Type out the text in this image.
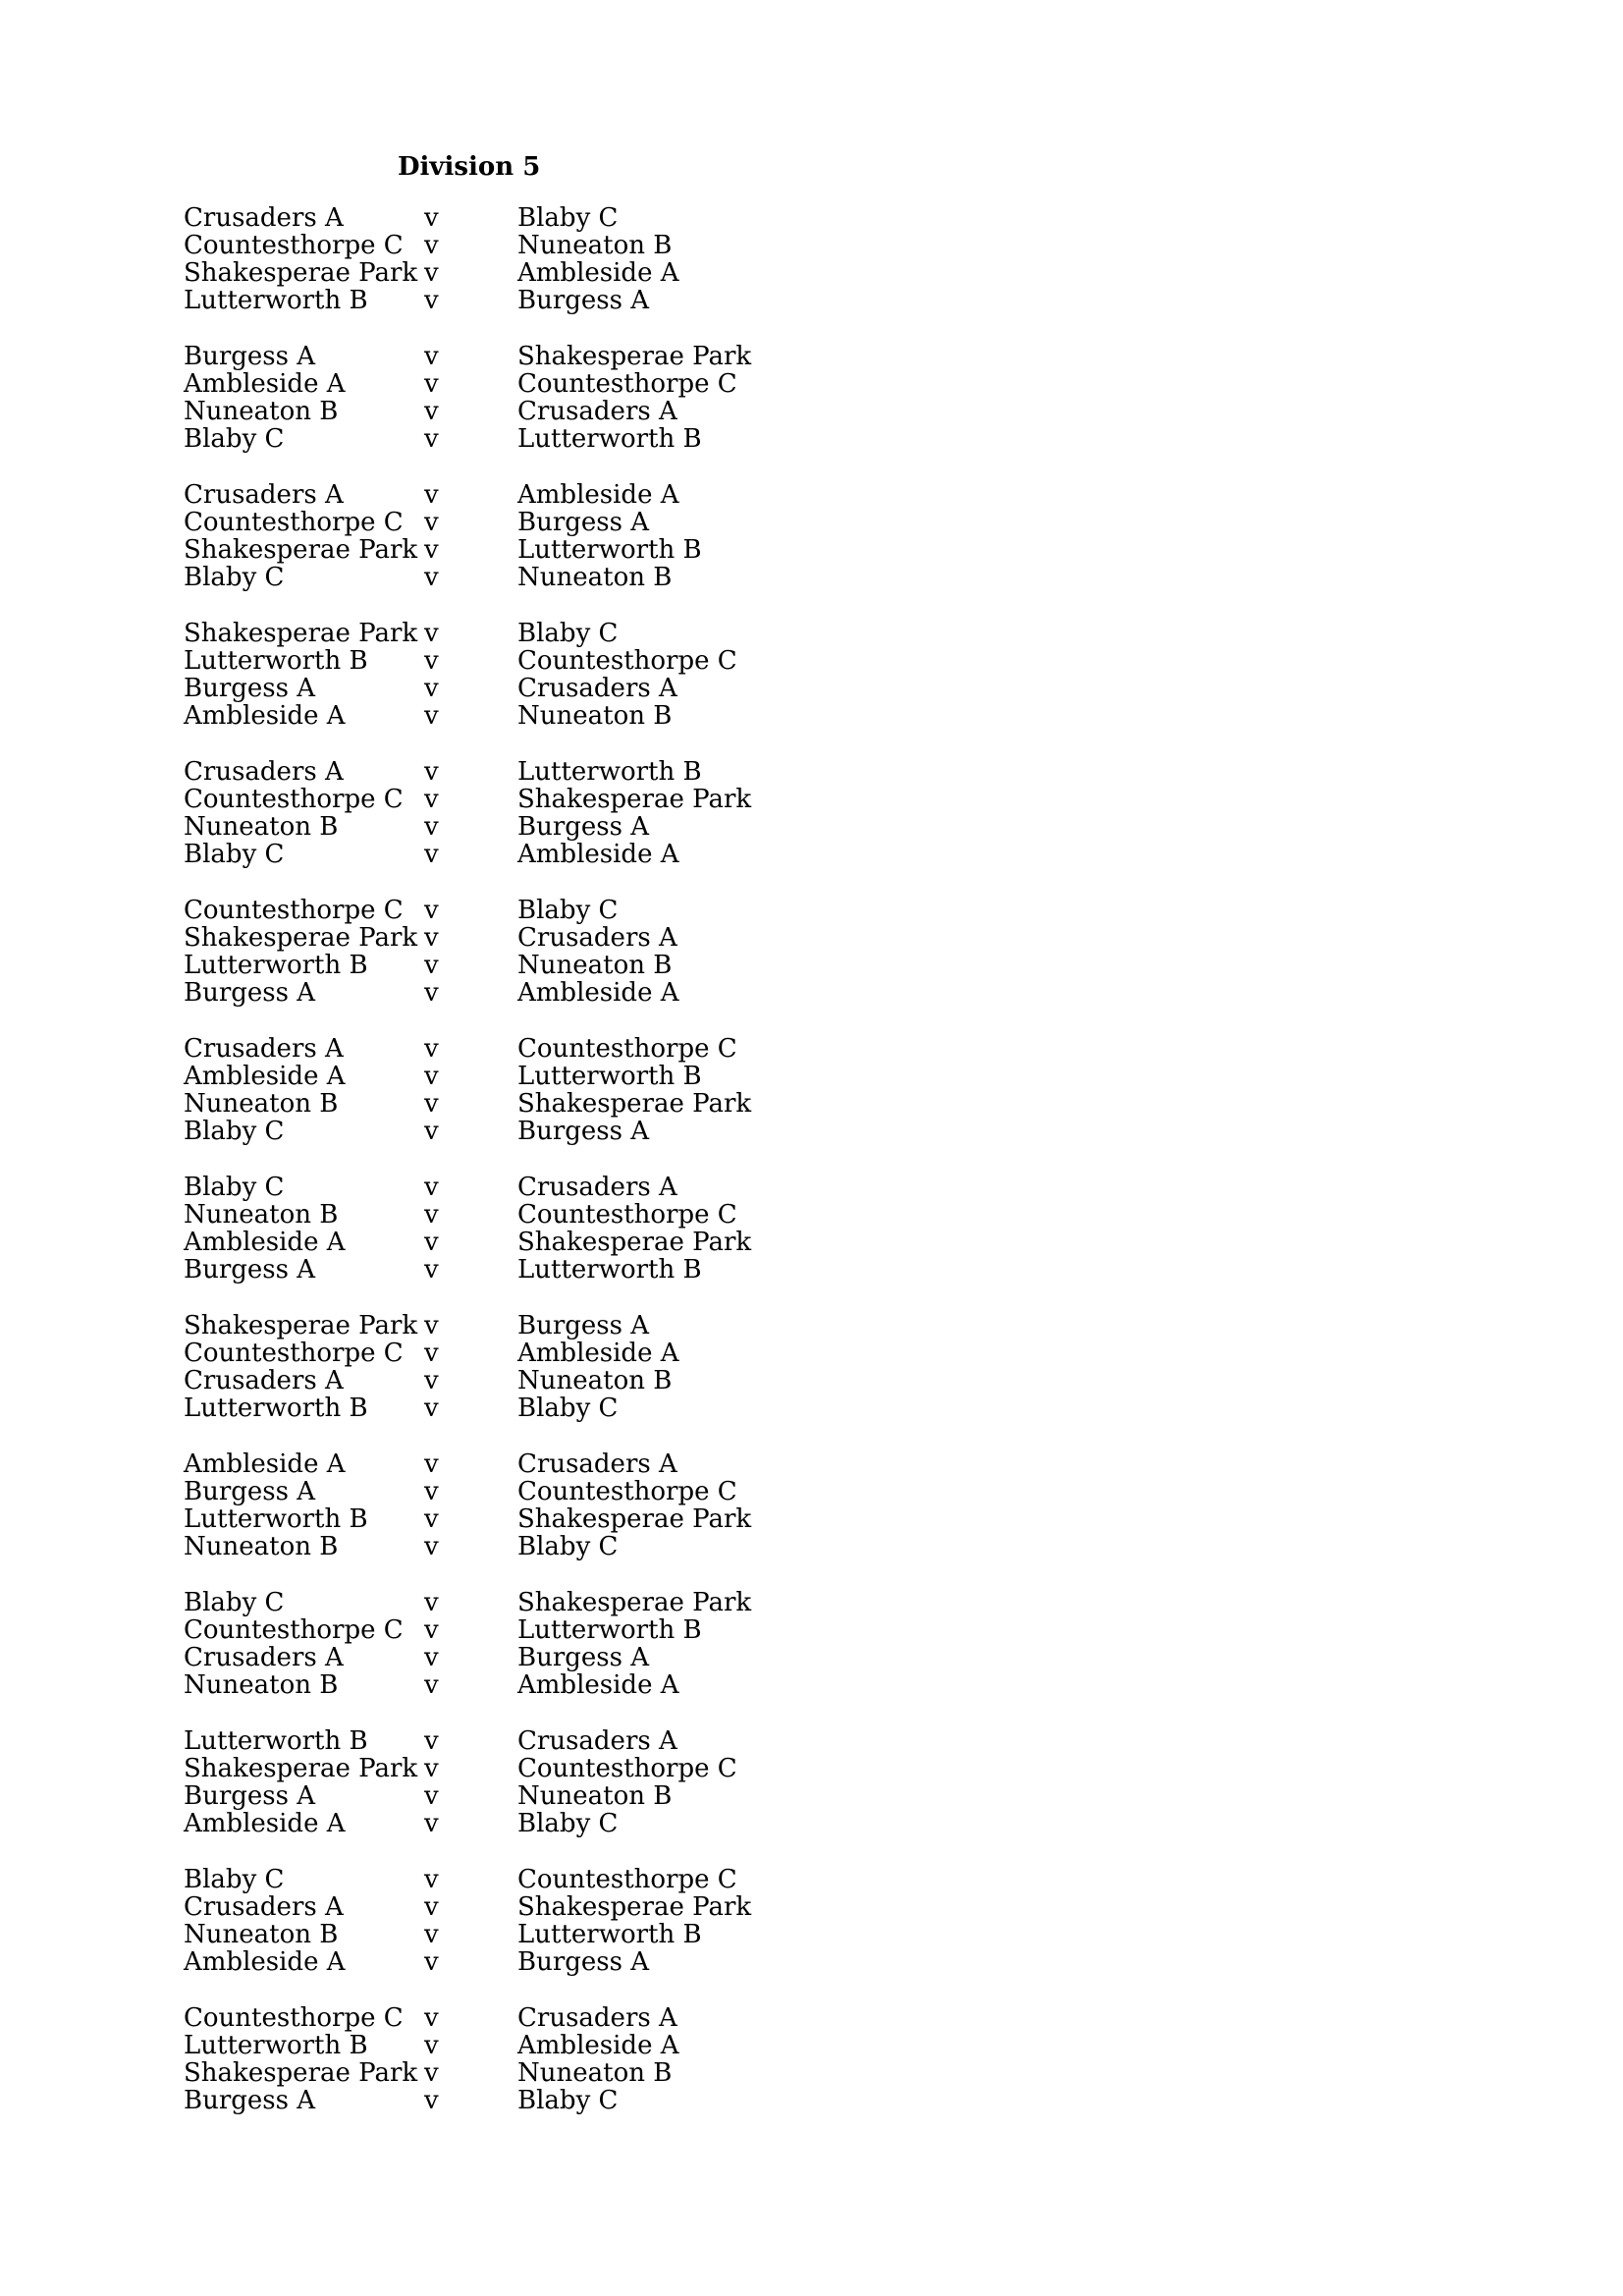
Division 5
Crusaders A	v	Blaby C
Countesthorpe C v	Nuneaton B
Shakesperae Park v	Ambleside A
Lutterworth B v	Burgess A
Burgess A	v	Shakesperae Park
Ambleside A	v	Countesthorpe C
Nuneaton B	v	Crusaders A
Blaby C	v	Lutterworth B
Crusaders A	v	Ambleside A
Countesthorpe C v	Burgess A
Shakesperae Park v	Lutterworth B
Blaby C	v	Nuneaton B
Shakesperae Park v	Blaby C
Lutterworth B v	Countesthorpe C
Burgess A	v	Crusaders A
Ambleside A	v	Nuneaton B
Crusaders A	v	Lutterworth B
Countesthorpe C v	Shakesperae Park
Nuneaton B	v	Burgess A
Blaby C	v	Ambleside A
Countesthorpe C v	Blaby C
Shakesperae Park v	Crusaders A
Lutterworth B v	Nuneaton B
Burgess A	v	Ambleside A
Crusaders A	v	Countesthorpe C
Ambleside A	v	Lutterworth B
Nuneaton B	v	Shakesperae Park
Blaby C	v	Burgess A
Blaby C	v	Crusaders A
Nuneaton B	v	Countesthorpe C
Ambleside A	v	Shakesperae Park
Burgess A	v	Lutterworth B
Shakesperae Park v	Burgess A
Countesthorpe C v	Ambleside A
Crusaders A	v	Nuneaton B
Lutterworth B v	Blaby C
Ambleside A	v	Crusaders A
Burgess A	v	Countesthorpe C
Lutterworth B v	Shakesperae Park
Nuneaton B	v	Blaby C
Blaby C	v	Shakesperae Park
Countesthorpe C v	Lutterworth B
Crusaders A	v	Burgess A
Nuneaton B	v	Ambleside A
Lutterworth B v	Crusaders A
Shakesperae Park v	Countesthorpe C
Burgess A	v	Nuneaton B
Ambleside A	v	Blaby C
Blaby C	v	Countesthorpe C
Crusaders A	v	Shakesperae Park
Nuneaton B	v	Lutterworth B
Ambleside A	v	Burgess A
Countesthorpe C v	Crusaders A
Lutterworth B v	Ambleside A
Shakesperae Park v	Nuneaton B
Burgess A	v	Blaby C
